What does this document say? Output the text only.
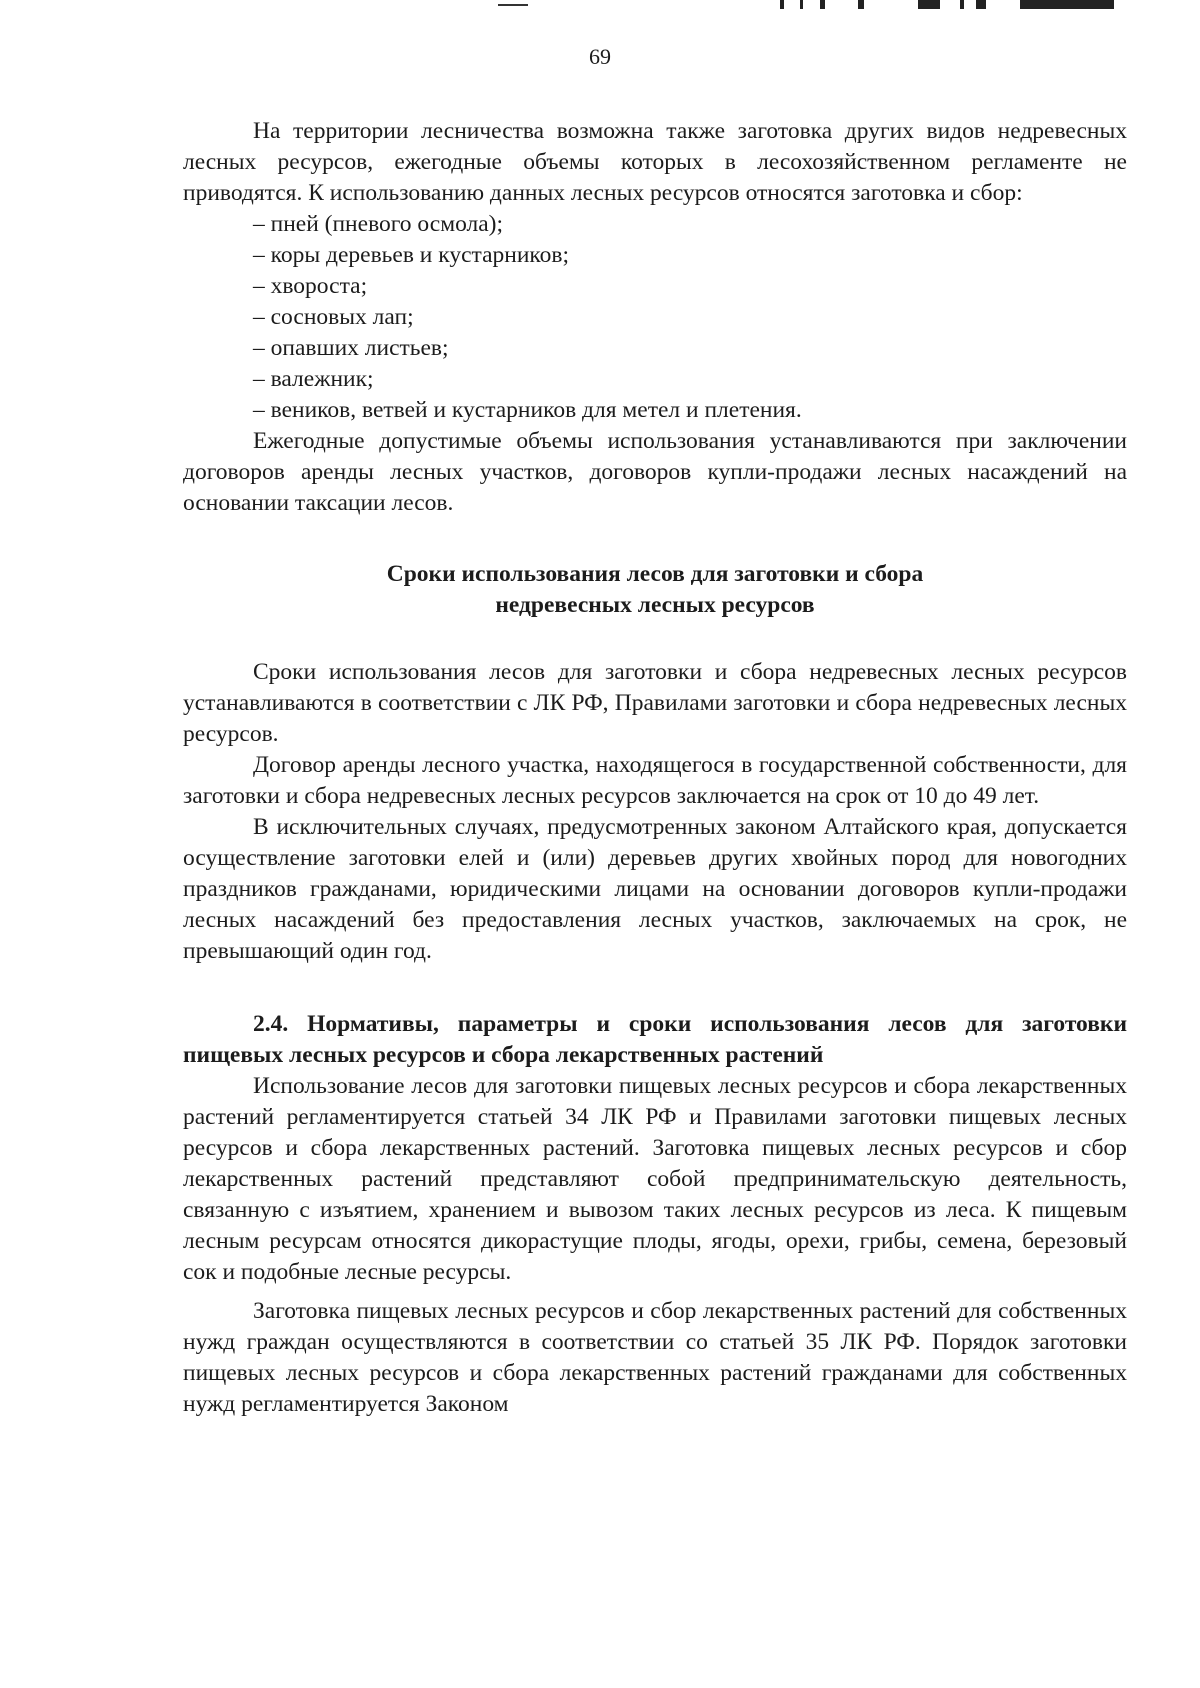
69

На территории лесничества возможна также заготовка других видов недревесных лесных ресурсов, ежегодные объемы которых в лесохозяйственном регламенте не приводятся. К использованию данных лесных ресурсов относятся заготовка и сбор:

– пней (пневого осмола);
– коры деревьев и кустарников;
– хвороста;
– сосновых лап;
– опавших листьев;
– валежник;
– веников, ветвей и кустарников для метел и плетения.

Ежегодные допустимые объемы использования устанавливаются при заключении договоров аренды лесных участков, договоров купли-продажи лесных насаждений на основании таксации лесов.

Сроки использования лесов для заготовки и сбора
недревесных лесных ресурсов

Сроки использования лесов для заготовки и сбора недревесных лесных ресурсов устанавливаются в соответствии с ЛК РФ, Правилами заготовки и сбора недревесных лесных ресурсов.

Договор аренды лесного участка, находящегося в государственной собственности, для заготовки и сбора недревесных лесных ресурсов заключается на срок от 10 до 49 лет.

В исключительных случаях, предусмотренных законом Алтайского края, допускается осуществление заготовки елей и (или) деревьев других хвойных пород для новогодних праздников гражданами, юридическими лицами на основании договоров купли-продажи лесных насаждений без предоставления лесных участков, заключаемых на срок, не превышающий один год.

2.4. Нормативы, параметры и сроки использования лесов для заготовки пищевых лесных ресурсов и сбора лекарственных растений

Использование лесов для заготовки пищевых лесных ресурсов и сбора лекарственных растений регламентируется статьей 34 ЛК РФ и Правилами заготовки пищевых лесных ресурсов и сбора лекарственных растений. Заготовка пищевых лесных ресурсов и сбор лекарственных растений представляют собой предпринимательскую деятельность, связанную с изъятием, хранением и вывозом таких лесных ресурсов из леса. К пищевым лесным ресурсам относятся дикорастущие плоды, ягоды, орехи, грибы, семена, березовый сок и подобные лесные ресурсы.

Заготовка пищевых лесных ресурсов и сбор лекарственных растений для собственных нужд граждан осуществляются в соответствии со статьей 35 ЛК РФ. Порядок заготовки пищевых лесных ресурсов и сбора лекарственных растений гражданами для собственных нужд регламентируется Законом
